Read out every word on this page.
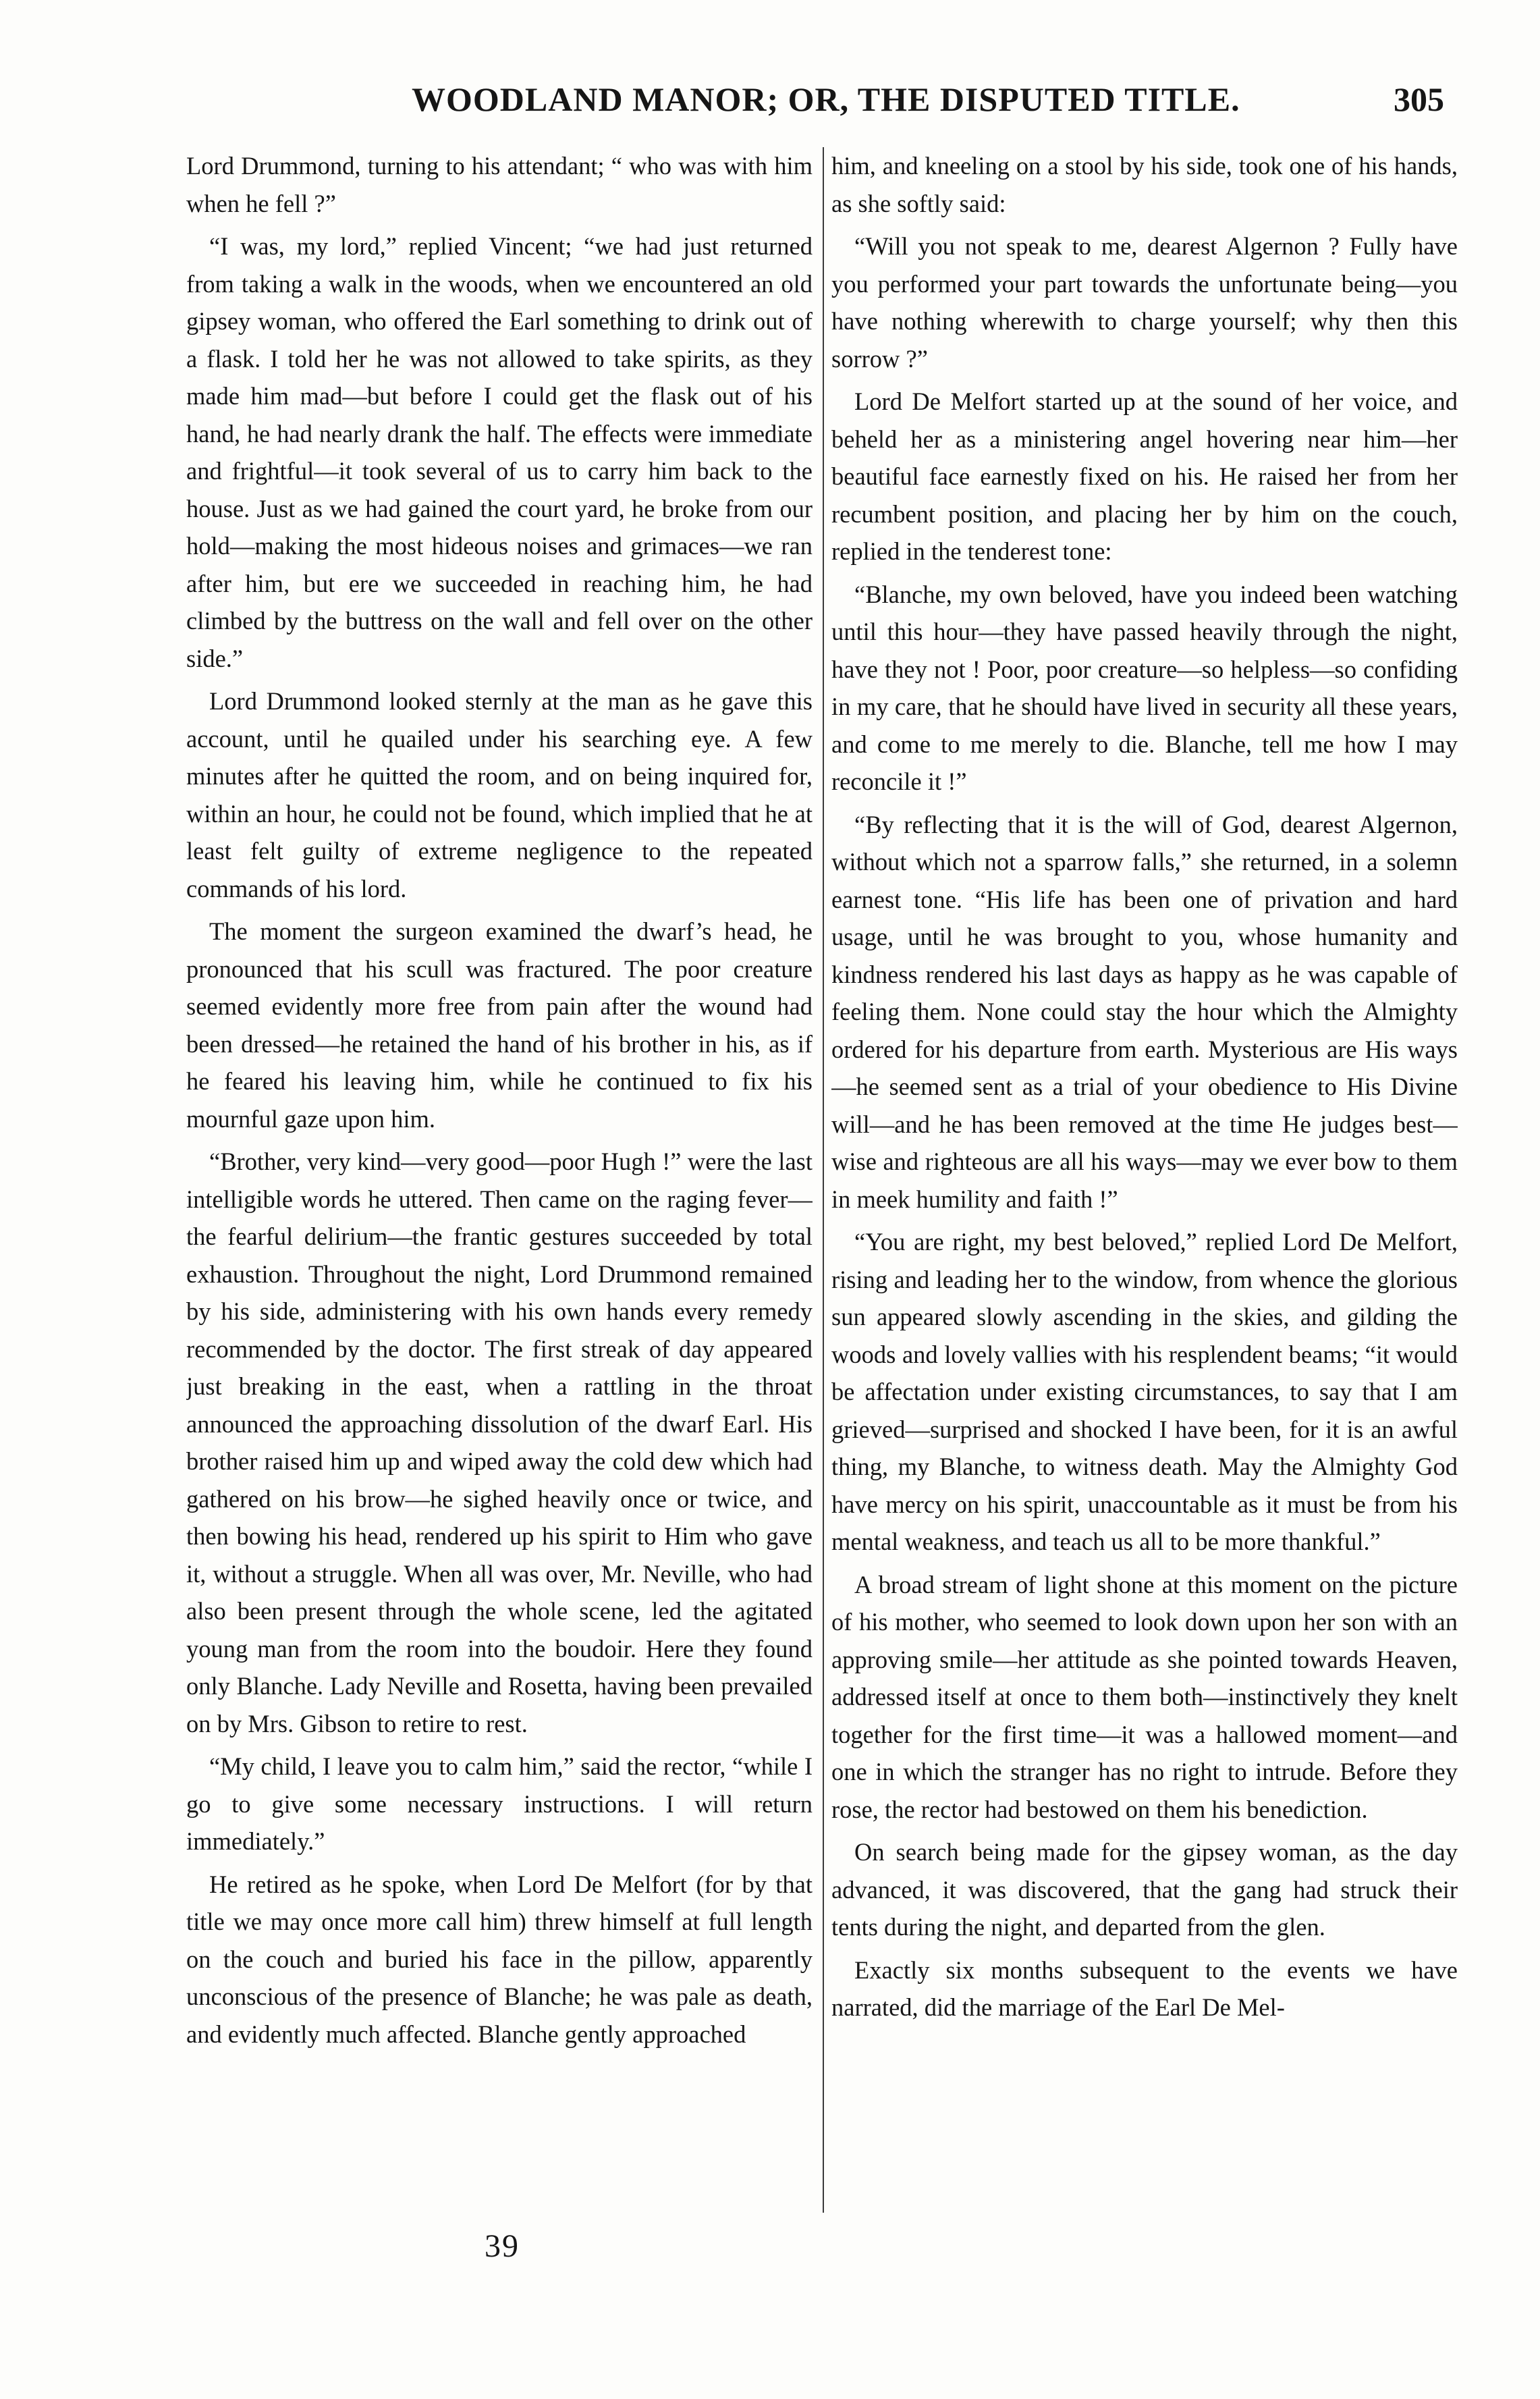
WOODLAND MANOR; OR, THE DISPUTED TITLE.	305

Lord Drummond, turning to his attendant; “ who was with him when he fell ?”

“I was, my lord,” replied Vincent; “we had just returned from taking a walk in the woods, when we encountered an old gipsey woman, who offered the Earl something to drink out of a flask. I told her he was not allowed to take spirits, as they made him mad—but before I could get the flask out of his hand, he had nearly drank the half. The effects were immediate and frightful—it took several of us to carry him back to the house. Just as we had gained the court yard, he broke from our hold—making the most hideous noises and grimaces—we ran after him, but ere we succeeded in reaching him, he had climbed by the buttress on the wall and fell over on the other side.”

Lord Drummond looked sternly at the man as he gave this account, until he quailed under his searching eye. A few minutes after he quitted the room, and on being inquired for, within an hour, he could not be found, which implied that he at least felt guilty of extreme negligence to the repeated commands of his lord.

The moment the surgeon examined the dwarf’s head, he pronounced that his scull was fractured. The poor creature seemed evidently more free from pain after the wound had been dressed—he retained the hand of his brother in his, as if he feared his leaving him, while he continued to fix his mournful gaze upon him.

“Brother, very kind—very good—poor Hugh !” were the last intelligible words he uttered. Then came on the raging fever—the fearful delirium—the frantic gestures succeeded by total exhaustion. Throughout the night, Lord Drummond remained by his side, administering with his own hands every remedy recommended by the doctor. The first streak of day appeared just breaking in the east, when a rattling in the throat announced the approaching dissolution of the dwarf Earl. His brother raised him up and wiped away the cold dew which had gathered on his brow—he sighed heavily once or twice, and then bowing his head, rendered up his spirit to Him who gave it, without a struggle. When all was over, Mr. Neville, who had also been present through the whole scene, led the agitated young man from the room into the boudoir. Here they found only Blanche. Lady Neville and Rosetta, having been prevailed on by Mrs. Gibson to retire to rest.

“My child, I leave you to calm him,” said the rector, “while I go to give some necessary instructions. I will return immediately.”

He retired as he spoke, when Lord De Melfort (for by that title we may once more call him) threw himself at full length on the couch and buried his face in the pillow, apparently unconscious of the presence of Blanche; he was pale as death, and evidently much affected. Blanche gently approached

him, and kneeling on a stool by his side, took one of his hands, as she softly said:

“Will you not speak to me, dearest Algernon ? Fully have you performed your part towards the unfortunate being—you have nothing wherewith to charge yourself; why then this sorrow ?”

Lord De Melfort started up at the sound of her voice, and beheld her as a ministering angel hovering near him—her beautiful face earnestly fixed on his. He raised her from her recumbent position, and placing her by him on the couch, replied in the tenderest tone:

“Blanche, my own beloved, have you indeed been watching until this hour—they have passed heavily through the night, have they not ! Poor, poor creature—so helpless—so confiding in my care, that he should have lived in security all these years, and come to me merely to die. Blanche, tell me how I may reconcile it !”

“By reflecting that it is the will of God, dearest Algernon, without which not a sparrow falls,” she returned, in a solemn earnest tone. “His life has been one of privation and hard usage, until he was brought to you, whose humanity and kindness rendered his last days as happy as he was capable of feeling them. None could stay the hour which the Almighty ordered for his departure from earth. Mysterious are His ways—he seemed sent as a trial of your obedience to His Divine will—and he has been removed at the time He judges best—wise and righteous are all his ways—may we ever bow to them in meek humility and faith !”

“You are right, my best beloved,” replied Lord De Melfort, rising and leading her to the window, from whence the glorious sun appeared slowly ascending in the skies, and gilding the woods and lovely vallies with his resplendent beams; “it would be affectation under existing circumstances, to say that I am grieved—surprised and shocked I have been, for it is an awful thing, my Blanche, to witness death. May the Almighty God have mercy on his spirit, unaccountable as it must be from his mental weakness, and teach us all to be more thankful.”

A broad stream of light shone at this moment on the picture of his mother, who seemed to look down upon her son with an approving smile—her attitude as she pointed towards Heaven, addressed itself at once to them both—instinctively they knelt together for the first time—it was a hallowed moment—and one in which the stranger has no right to intrude. Before they rose, the rector had bestowed on them his benediction.

On search being made for the gipsey woman, as the day advanced, it was discovered, that the gang had struck their tents during the night, and departed from the glen.

Exactly six months subsequent to the events we have narrated, did the marriage of the Earl De Mel-

39
